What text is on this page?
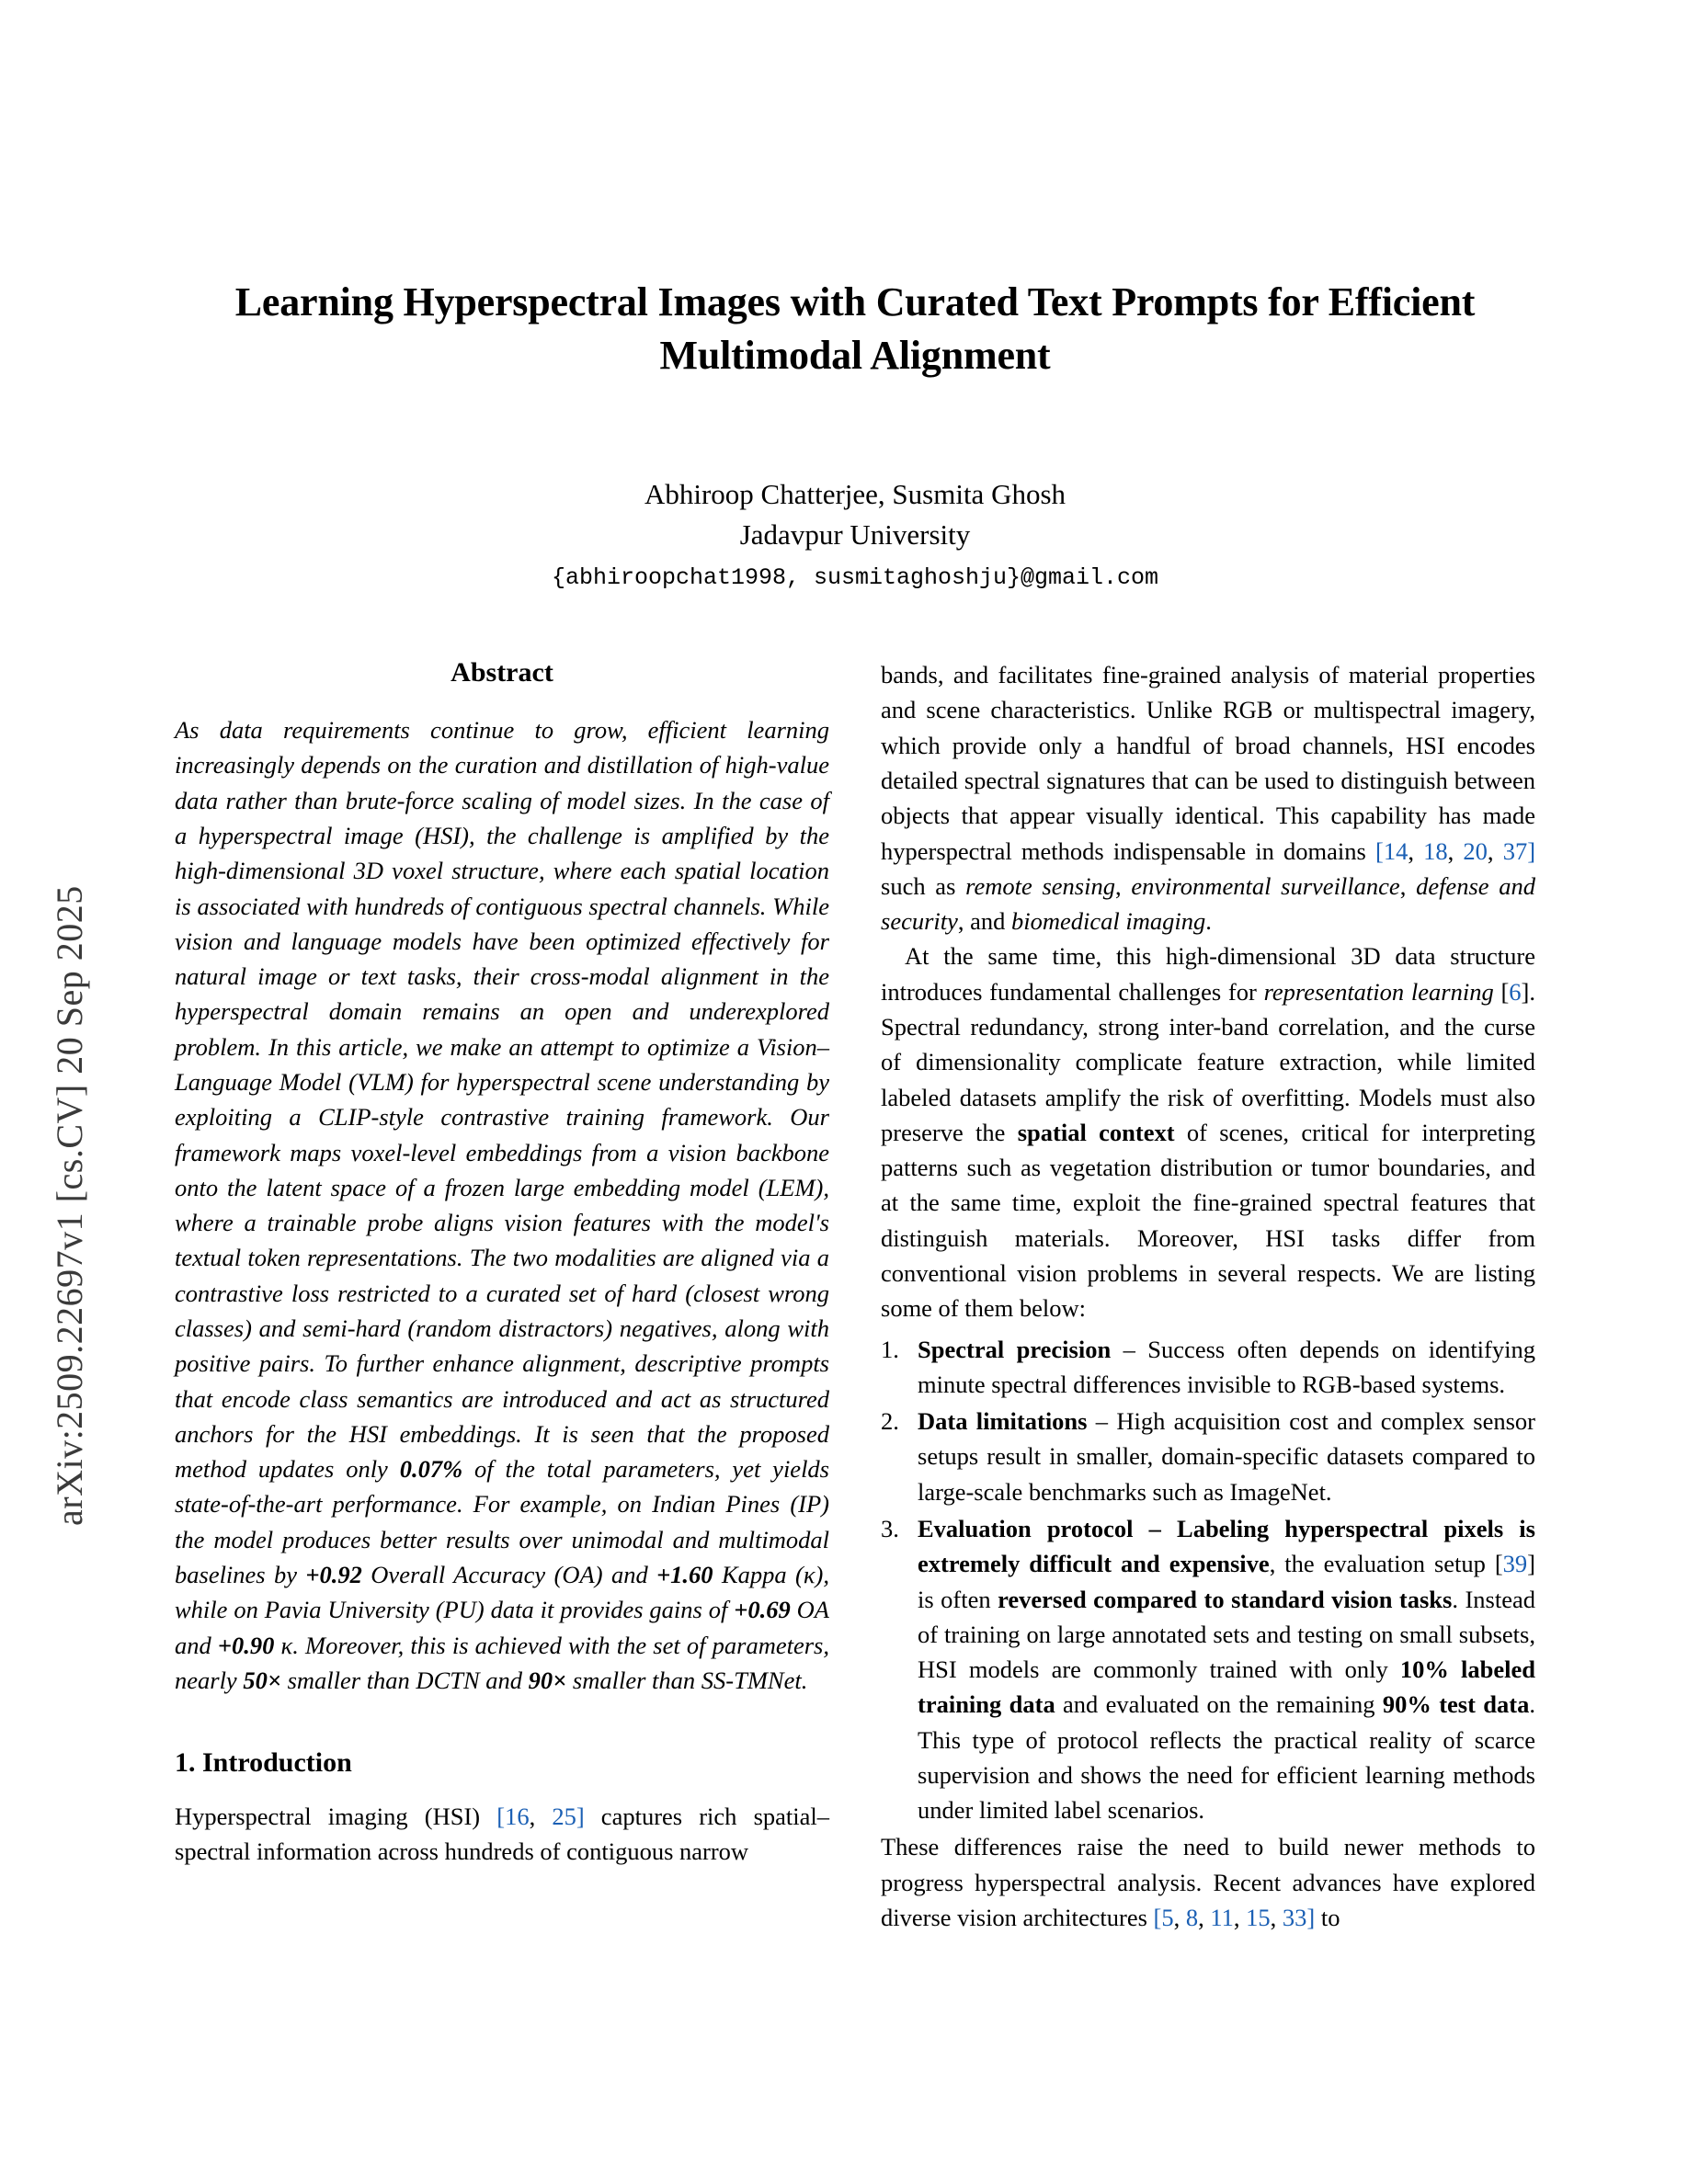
arXiv:2509.22697v1 [cs.CV] 20 Sep 2025
Learning Hyperspectral Images with Curated Text Prompts for Efficient Multimodal Alignment
Abhiroop Chatterjee, Susmita Ghosh
Jadavpur University
{abhiroopchat1998, susmitaghoshju}@gmail.com
Abstract
As data requirements continue to grow, efficient learning increasingly depends on the curation and distillation of high-value data rather than brute-force scaling of model sizes. In the case of a hyperspectral image (HSI), the challenge is amplified by the high-dimensional 3D voxel structure, where each spatial location is associated with hundreds of contiguous spectral channels. While vision and language models have been optimized effectively for natural image or text tasks, their cross-modal alignment in the hyperspectral domain remains an open and underexplored problem. In this article, we make an attempt to optimize a Vision–Language Model (VLM) for hyperspectral scene understanding by exploiting a CLIP-style contrastive training framework. Our framework maps voxel-level embeddings from a vision backbone onto the latent space of a frozen large embedding model (LEM), where a trainable probe aligns vision features with the model's textual token representations. The two modalities are aligned via a contrastive loss restricted to a curated set of hard (closest wrong classes) and semi-hard (random distractors) negatives, along with positive pairs. To further enhance alignment, descriptive prompts that encode class semantics are introduced and act as structured anchors for the HSI embeddings. It is seen that the proposed method updates only 0.07% of the total parameters, yet yields state-of-the-art performance. For example, on Indian Pines (IP) the model produces better results over unimodal and multimodal baselines by +0.92 Overall Accuracy (OA) and +1.60 Kappa (κ), while on Pavia University (PU) data it provides gains of +0.69 OA and +0.90 κ. Moreover, this is achieved with the set of parameters, nearly 50× smaller than DCTN and 90× smaller than SS-TMNet.
1. Introduction

Hyperspectral imaging (HSI) [16, 25] captures rich spatial–spectral information across hundreds of contiguous narrow

bands, and facilitates fine-grained analysis of material properties and scene characteristics. Unlike RGB or multispectral imagery, which provide only a handful of broad channels, HSI encodes detailed spectral signatures that can be used to distinguish between objects that appear visually identical. This capability has made hyperspectral methods indispensable in domains [14, 18, 20, 37] such as remote sensing, environmental surveillance, defense and security, and biomedical imaging.

At the same time, this high-dimensional 3D data structure introduces fundamental challenges for representation learning [6]. Spectral redundancy, strong inter-band correlation, and the curse of dimensionality complicate feature extraction, while limited labeled datasets amplify the risk of overfitting. Models must also preserve the spatial context of scenes, critical for interpreting patterns such as vegetation distribution or tumor boundaries, and at the same time, exploit the fine-grained spectral features that distinguish materials. Moreover, HSI tasks differ from conventional vision problems in several respects. We are listing some of them below:

Spectral precision – Success often depends on identifying minute spectral differences invisible to RGB-based systems.
Data limitations – High acquisition cost and complex sensor setups result in smaller, domain-specific datasets compared to large-scale benchmarks such as ImageNet.
Evaluation protocol – Labeling hyperspectral pixels is extremely difficult and expensive, the evaluation setup [39] is often reversed compared to standard vision tasks. Instead of training on large annotated sets and testing on small subsets, HSI models are commonly trained with only 10% labeled training data and evaluated on the remaining 90% test data. This type of protocol reflects the practical reality of scarce supervision and shows the need for efficient learning methods under limited label scenarios.

These differences raise the need to build newer methods to progress hyperspectral analysis. Recent advances have explored diverse vision architectures [5, 8, 11, 15, 33] to
